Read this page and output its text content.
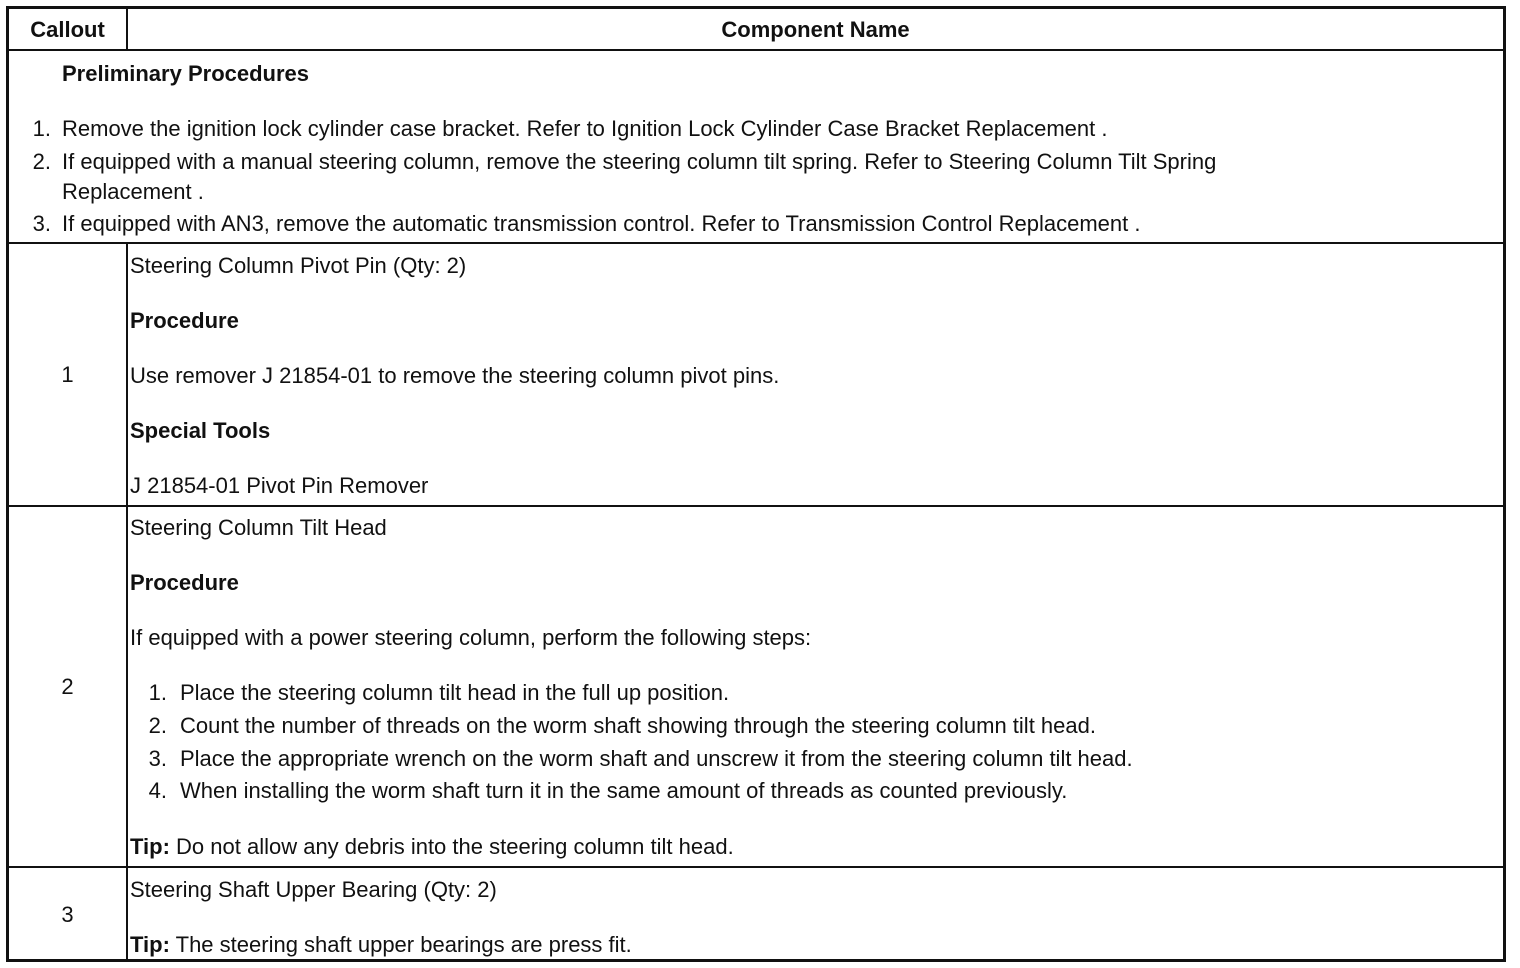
Callout	Component Name
Preliminary Procedures
1. Remove the ignition lock cylinder case bracket. Refer to Ignition Lock Cylinder Case Bracket Replacement .
2. If equipped with a manual steering column, remove the steering column tilt spring. Refer to Steering Column Tilt Spring
Replacement .
3. If equipped with AN3, remove the automatic transmission control. Refer to Transmission Control Replacement .
1
Steering Column Pivot Pin (Qty: 2)
Procedure
Use remover J 21854-01 to remove the steering column pivot pins.
Special Tools
J 21854-01 Pivot Pin Remover
2
Steering Column Tilt Head
Procedure
If equipped with a power steering column, perform the following steps:
1. Place the steering column tilt head in the full up position.
2. Count the number of threads on the worm shaft showing through the steering column tilt head.
3. Place the appropriate wrench on the worm shaft and unscrew it from the steering column tilt head.
4. When installing the worm shaft turn it in the same amount of threads as counted previously.
Tip: Do not allow any debris into the steering column tilt head.
3
Steering Shaft Upper Bearing (Qty: 2)
Tip: The steering shaft upper bearings are press fit.
